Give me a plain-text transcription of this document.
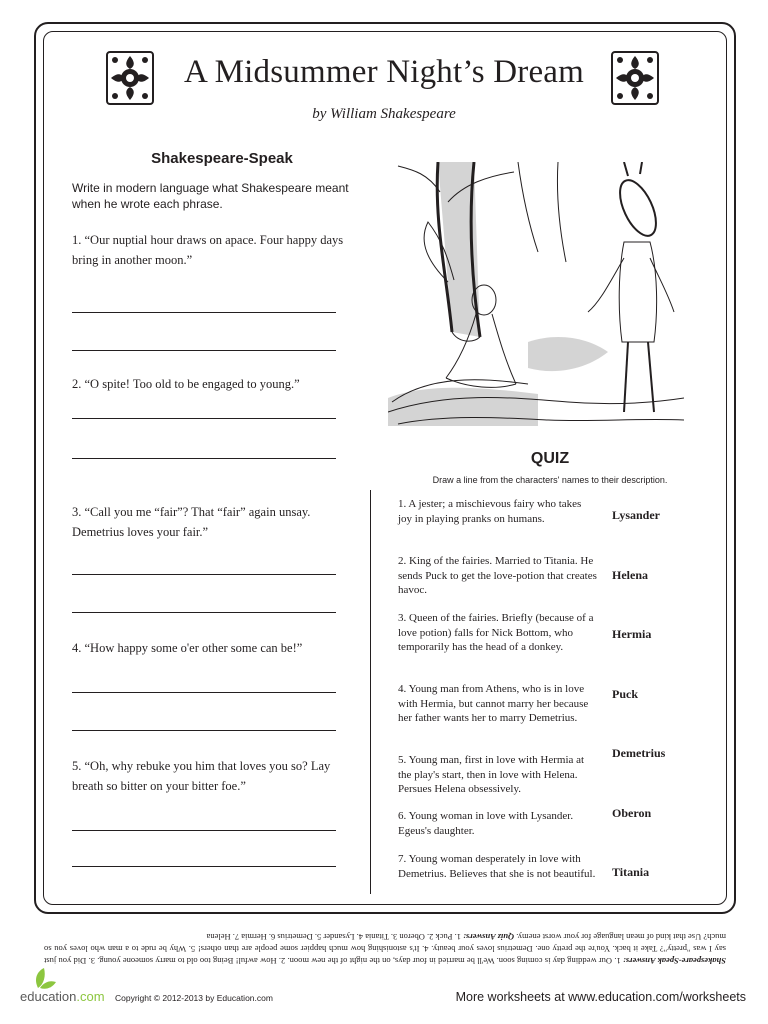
A Midsummer Night’s Dream
by William Shakespeare
Shakespeare-Speak
Write in modern language what Shakespeare meant when he wrote each phrase.
1. “Our nuptial hour draws on apace. Four happy days bring in another moon.”
2. “O spite! Too old to be engaged to young.”
3. “Call you me “fair”? That “fair” again unsay. Demetrius loves your fair.”
4. “How happy some o'er other some can be!”
5. “Oh, why rebuke you him that loves you so? Lay breath so bitter on your bitter foe.”
QUIZ
Draw a line from the characters' names to their description.
1. A jester; a mischievous fairy who takes joy in playing pranks on humans.
2. King of the fairies. Married to Titania. He sends Puck to get the love-potion that creates havoc.
3. Queen of the fairies. Briefly (because of a love potion) falls for Nick Bottom, who temporarily has the head of a donkey.
4. Young man from Athens, who is in love with Hermia, but cannot marry her because her father wants her to marry Demetrius.
5. Young man, first in love with Hermia at the play's start, then in love with Helena. Persues Helena obsessively.
6. Young woman in love with Lysander. Egeus's daughter.
7. Young woman desperately in love with Demetrius. Believes that she is not beautiful.
Lysander
Helena
Hermia
Puck
Demetrius
Oberon
Titania
Shakespeare-Speak Answers: 1. Our wedding day is coming soon. We'll be married in four days, on the night of the new moon. 2. How awful! Being too old to marry someone young. 3. Did you just say I was "pretty"? Take it back. You're the pretty one. Demetrius loves your beauty. 4. It's astonishing how much happier some people are than others! 5. Why be rude to a man who loves you so much? Use that kind of mean language for your worst enemy. Quiz Answers: 1. Puck 2. Oberon 3. Titania 4. Lysander 5. Demetrius 6. Hermia 7. Helena
education.com Copyright © 2012-2013 by Education.com	More worksheets at www.education.com/worksheets
